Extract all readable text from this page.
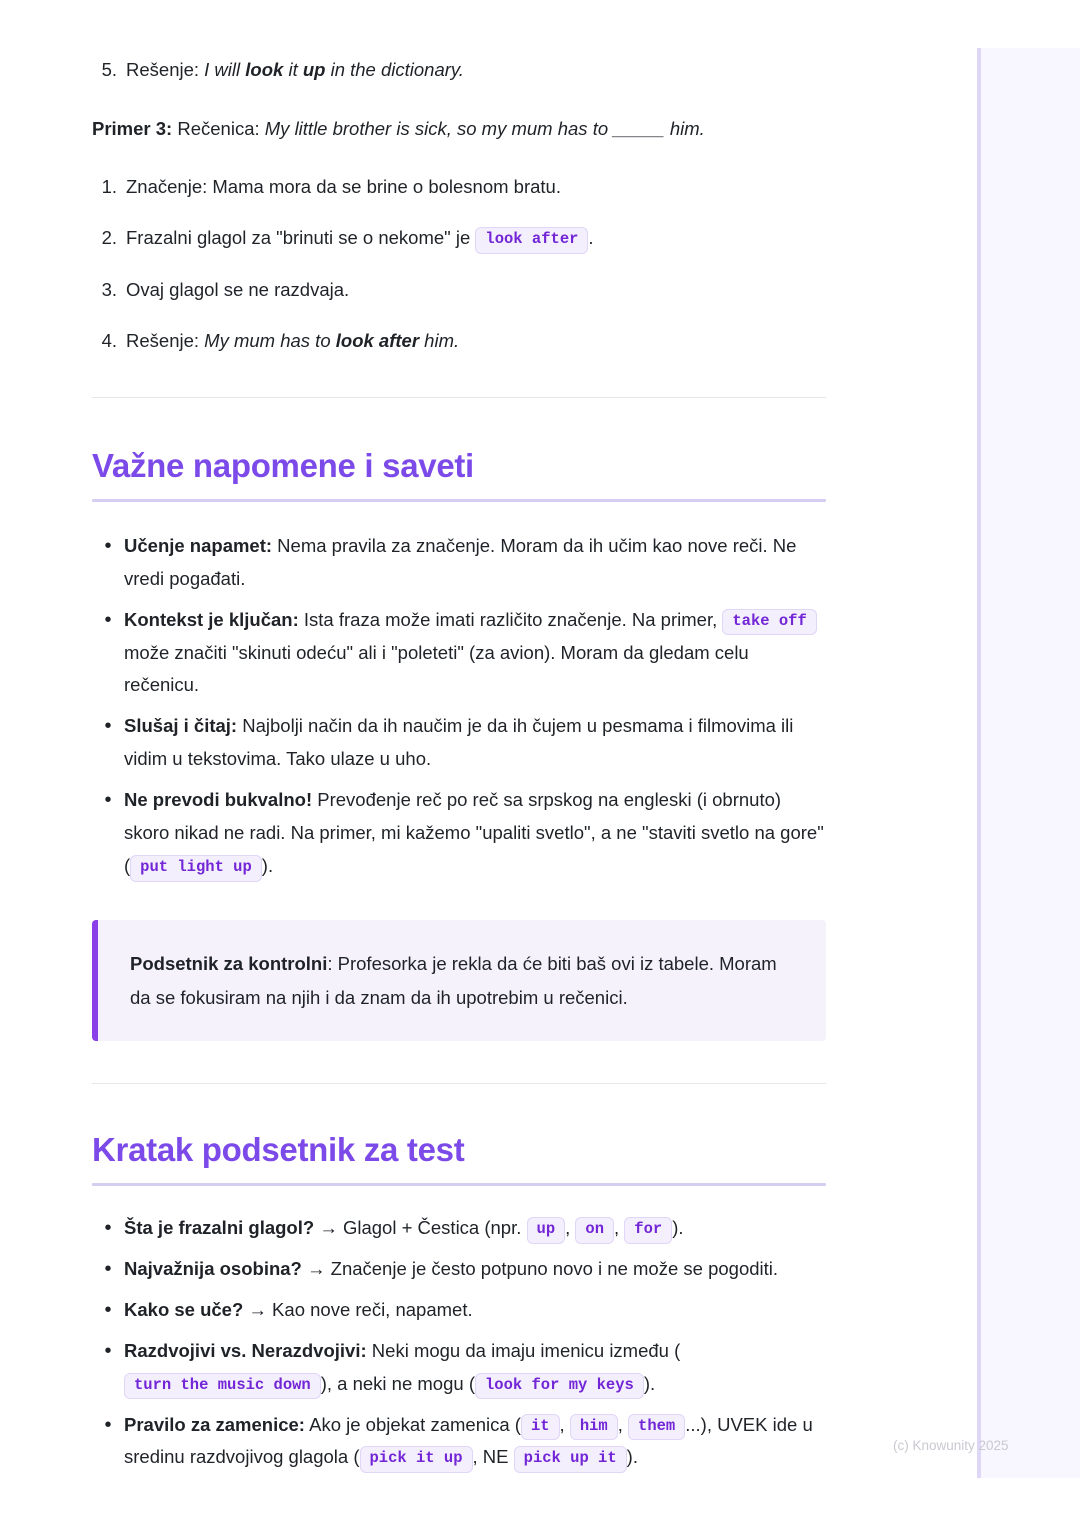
5. Rešenje: I will look it up in the dictionary.

Primer 3: Rečenica: My little brother is sick, so my mum has to _____ him.

1. Značenje: Mama mora da se brine o bolesnom bratu.
2. Frazalni glagol za "brinuti se o nekome" je look after .
3. Ovaj glagol se ne razdvaja.
4. Rešenje: My mum has to look after him.
Važne napomene i saveti
• Učenje napamet: Nema pravila za značenje. Moram da ih učim kao nove reči. Ne vredi pogađati.
• Kontekst je ključan: Ista fraza može imati različito značenje. Na primer, take off može značiti "skinuti odeću" ali i "poleteti" (za avion). Moram da gledam celu rečenicu.
• Slušaj i čitaj: Najbolji način da ih naučim je da ih čujem u pesmama i filmovima ili vidim u tekstovima. Tako ulaze u uho.
• Ne prevodi bukvalno! Prevođenje reč po reč sa srpskog na engleski (i obrnuto) skoro nikad ne radi. Na primer, mi kažemo "upaliti svetlo", a ne "staviti svetlo na gore" ( put light up ).

Podsetnik za kontrolni: Profesorka je rekla da će biti baš ovi iz tabele. Moram da se fokusiram na njih i da znam da ih upotrebim u rečenici.

Kratak podsetnik za test
• Šta je frazalni glagol? → Glagol + Čestica (npr. up , on , for ).
• Najvažnija osobina? → Značenje je često potpuno novo i ne može se pogoditi.
• Kako se uče? → Kao nove reči, napamet.
• Razdvojivi vs. Nerazdvojivi: Neki mogu da imaju imenicu između (turn the music down ), a neki ne mogu ( look for my keys ).
• Pravilo za zamenice: Ako je objekat zamenica ( it , him , them ...), UVEK ide u sredinu razdvojivog glagola ( pick it up , NE pick up it ).
(c) Knowunity 2025
